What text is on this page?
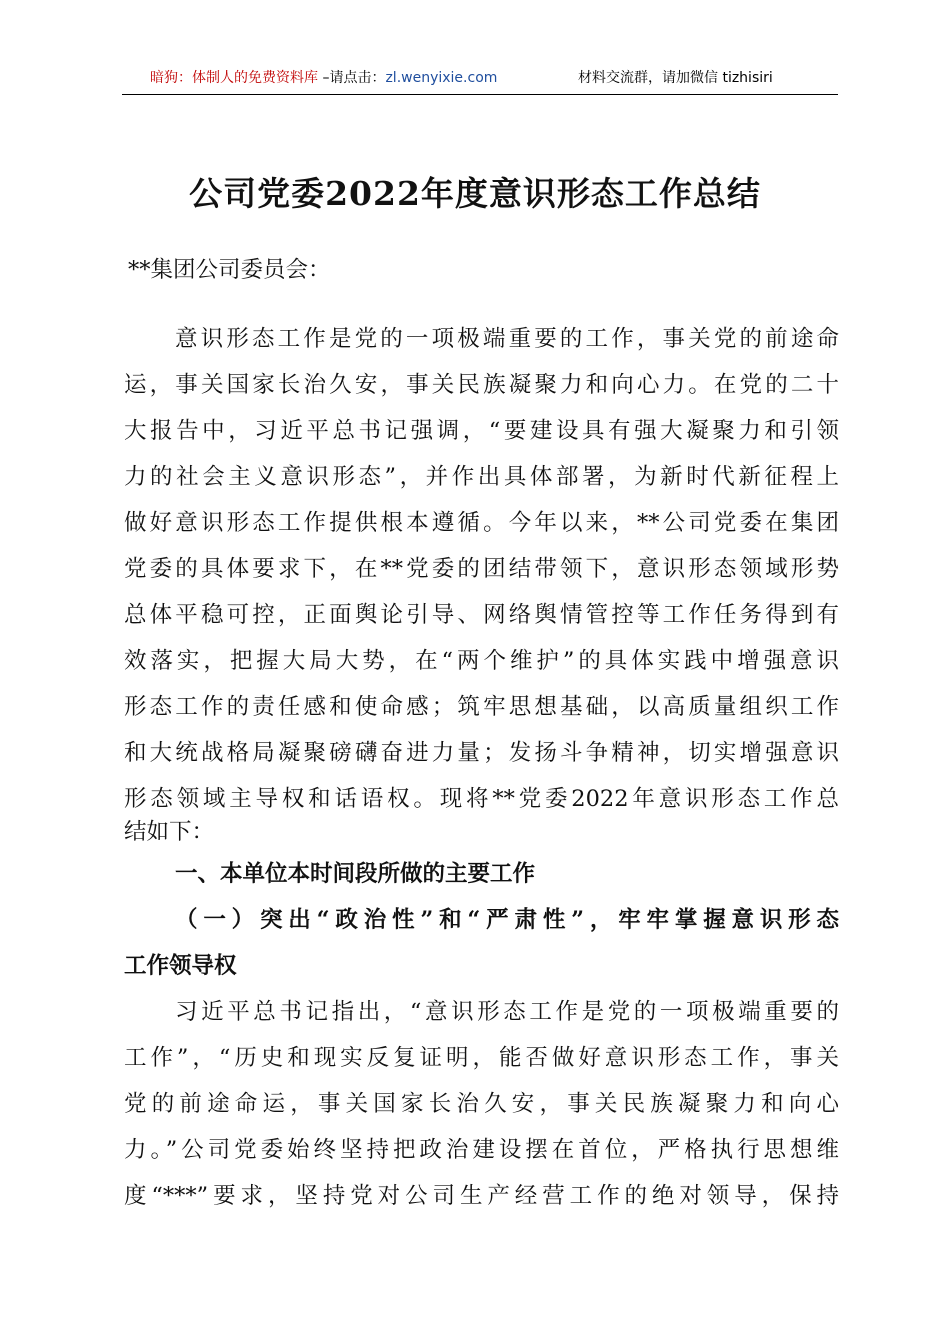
暗狗：体制人的免费资料库 –请点击：zl.wenyixie.com	材料交流群，请加微信 tizhisiri
公司党委2022年度意识形态工作总结
**集团公司委员会：
意识形态工作是党的一项极端重要的工作，事关党的前途命
运，事关国家长治久安，事关民族凝聚力和向心力。在党的二十
大报告中，习近平总书记强调，“要建设具有强大凝聚力和引领
力的社会主义意识形态”，并作出具体部署，为新时代新征程上
做好意识形态工作提供根本遵循。今年以来，**公司党委在集团
党委的具体要求下，在**党委的团结带领下，意识形态领域形势
总体平稳可控，正面舆论引导、网络舆情管控等工作任务得到有
效落实，把握大局大势，在“两个维护”的具体实践中增强意识
形态工作的责任感和使命感；筑牢思想基础，以高质量组织工作
和大统战格局凝聚磅礴奋进力量；发扬斗争精神，切实增强意识
形态领域主导权和话语权。现将**党委2022年意识形态工作总
结如下：
一、本单位本时间段所做的主要工作
（一）突出“政治性”和“严肃性”，牢牢掌握意识形态
工作领导权
习近平总书记指出，“意识形态工作是党的一项极端重要的
工作”，“历史和现实反复证明，能否做好意识形态工作，事关
党的前途命运，事关国家长治久安，事关民族凝聚力和向心
力。”公司党委始终坚持把政治建设摆在首位，严格执行思想维
度“***”要求，坚持党对公司生产经营工作的绝对领导，保持
